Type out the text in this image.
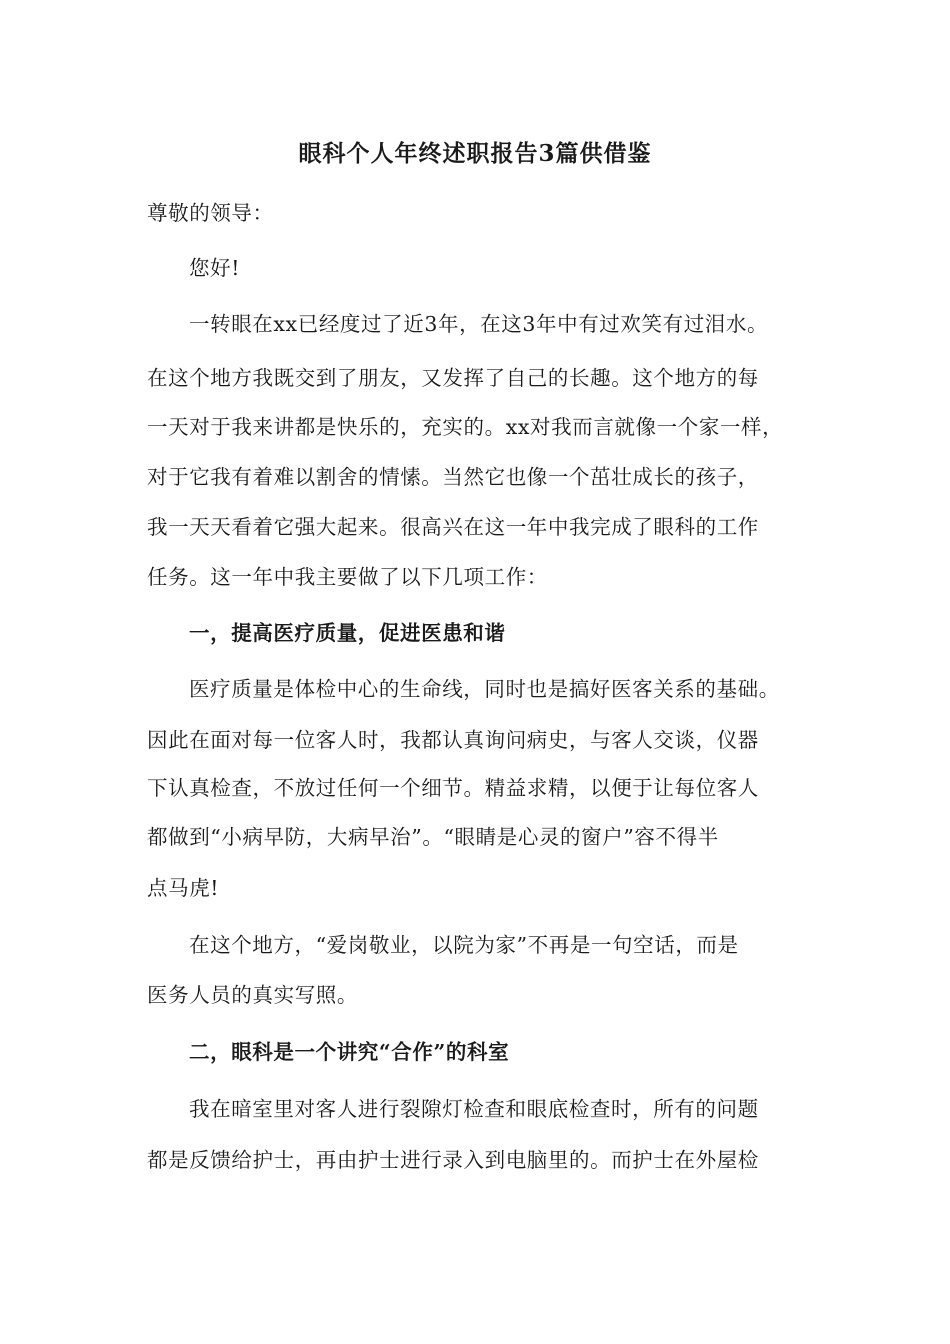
眼科个人年终述职报告3篇供借鉴
尊敬的领导：
您好!
一转眼在xx已经度过了近3年，在这3年中有过欢笑有过泪水。
在这个地方我既交到了朋友，又发挥了自己的长趣。这个地方的每
一天对于我来讲都是快乐的，充实的。xx对我而言就像一个家一样，
对于它我有着难以割舍的情愫。当然它也像一个茁壮成长的孩子，
我一天天看着它强大起来。很高兴在这一年中我完成了眼科的工作
任务。这一年中我主要做了以下几项工作：
一，提高医疗质量，促进医患和谐
医疗质量是体检中心的生命线，同时也是搞好医客关系的基础。
因此在面对每一位客人时，我都认真询问病史，与客人交谈，仪器
下认真检查，不放过任何一个细节。精益求精，以便于让每位客人
都做到“小病早防，大病早治”。“眼睛是心灵的窗户”容不得半
点马虎!
在这个地方，“爱岗敬业，以院为家”不再是一句空话，而是
医务人员的真实写照。
二，眼科是一个讲究“合作”的科室
我在暗室里对客人进行裂隙灯检查和眼底检查时，所有的问题
都是反馈给护士，再由护士进行录入到电脑里的。而护士在外屋检
